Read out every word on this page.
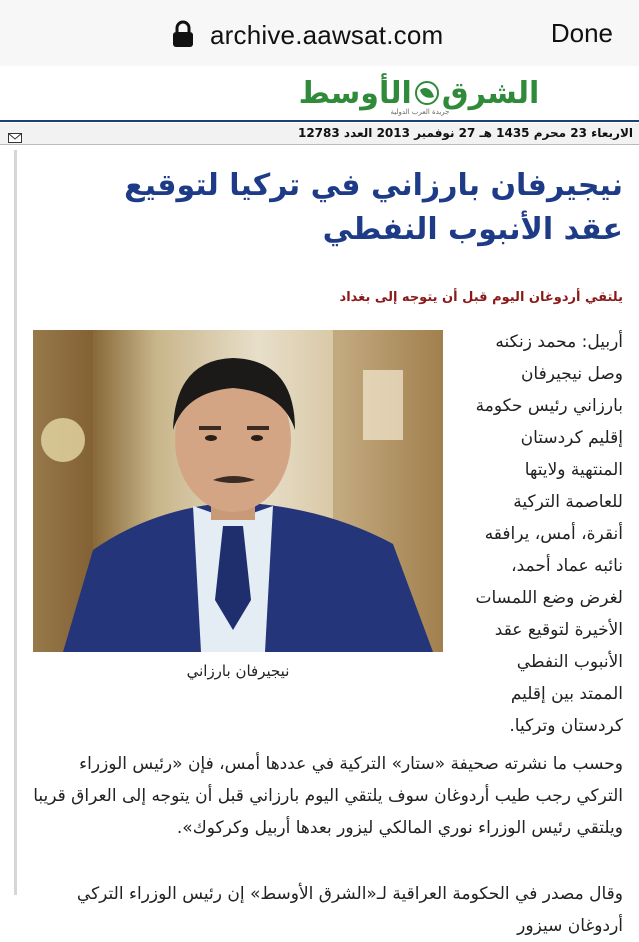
archive.aawsat.com	Done
الشرق
الأوسط
جريدة العرب الدولية
الاربعاء 23 محرم 1435 هـ 27 نوفمبر 2013 العدد 12783
نيجيرفان بارزاني في تركيا لتوقيع عقد الأنبوب النفطي
يلتقي أردوغان اليوم قبل أن يتوجه إلى بغداد
نيجيرفان بارزاني

أربيل: محمد زنكنه وصل نيجيرفان بارزاني رئيس حكومة إقليم كردستان المنتهية ولايتها للعاصمة التركية أنقرة، أمس، يرافقه نائبه عماد أحمد، لغرض وضع اللمسات الأخيرة لتوقيع عقد الأنبوب النفطي الممتد بين إقليم كردستان وتركيا.

وحسب ما نشرته صحيفة «ستار» التركية في عددها أمس، فإن «رئيس الوزراء التركي رجب طيب أردوغان سوف يلتقي اليوم بارزاني قبل أن يتوجه إلى العراق قريبا ويلتقي رئيس الوزراء نوري المالكي ليزور بعدها أربيل وكركوك».

وقال مصدر في الحكومة العراقية لـ«الشرق الأوسط» إن رئيس الوزراء التركي أردوغان سيزور
